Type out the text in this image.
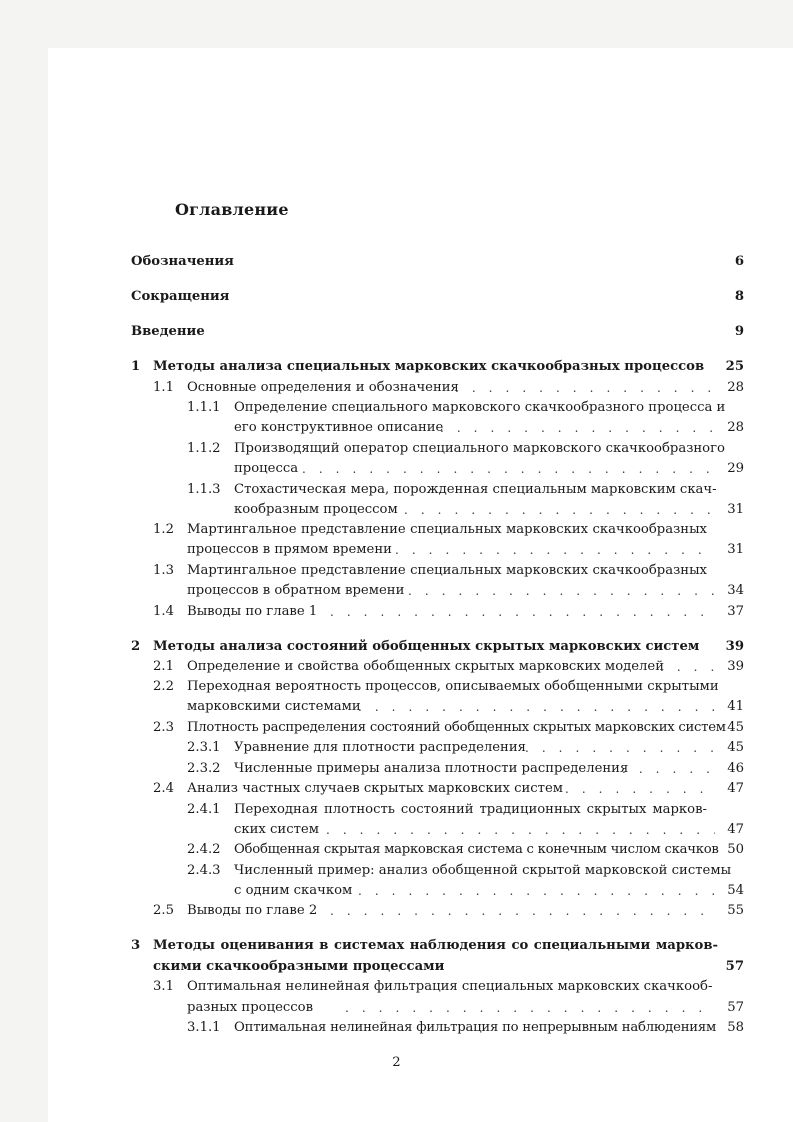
Оглавление
Обозначения	6
Сокращения	8
Введение	9
1 Методы анализа специальных марковских скачкообразных процессов 25
1.1 Основные определения и обозначения . . .	28
1.1.1 Определение специального марковского скачкообразного процесса и
его конструктивное описание . . .	28
1.1.2 Производящий оператор специального марковского скачкообразного
процесса . . .	29
1.1.3 Стохастическая мера, порожденная специальным марковским скач-
кообразным процессом . . .	31
1.2 Мартингальное представление специальных марковских скачкообразных
процессов в прямом времени . . .	31
1.3 Мартингальное представление специальных марковских скачкообразных
процессов в обратном времени . . .	34
1.4 Выводы по главе 1 . . .	37
2 Методы анализа состояний обобщенных скрытых марковских систем 39
2.1 Определение и свойства обобщенных скрытых марковских моделей . . .	39
2.2 Переходная вероятность процессов, описываемых обобщенными скрытыми
марковскими системами . . .	41
2.3 Плотность распределения состояний обобщенных скрытых марковских систем 45
2.3.1 Уравнение для плотности распределения . . .	45
2.3.2 Численные примеры анализа плотности распределения . . .	46
2.4 Анализ частных случаев скрытых марковских систем . . .	47
2.4.1 Переходная плотность состояний традиционных скрытых марков-
ских систем . . .	47
2.4.2 Обобщенная скрытая марковская система с конечным числом скачков 50
2.4.3 Численный пример: анализ обобщенной скрытой марковской системы
с одним скачком . . .	54
2.5 Выводы по главе 2 . . .	55
3 Методы оценивания в системах наблюдения со специальными марков-
скими скачкообразными процессами	57
3.1 Оптимальная нелинейная фильтрация специальных марковских скачкооб-
разных процессов . . .	57
3.1.1 Оптимальная нелинейная фильтрация по непрерывным наблюдениям 58
2
